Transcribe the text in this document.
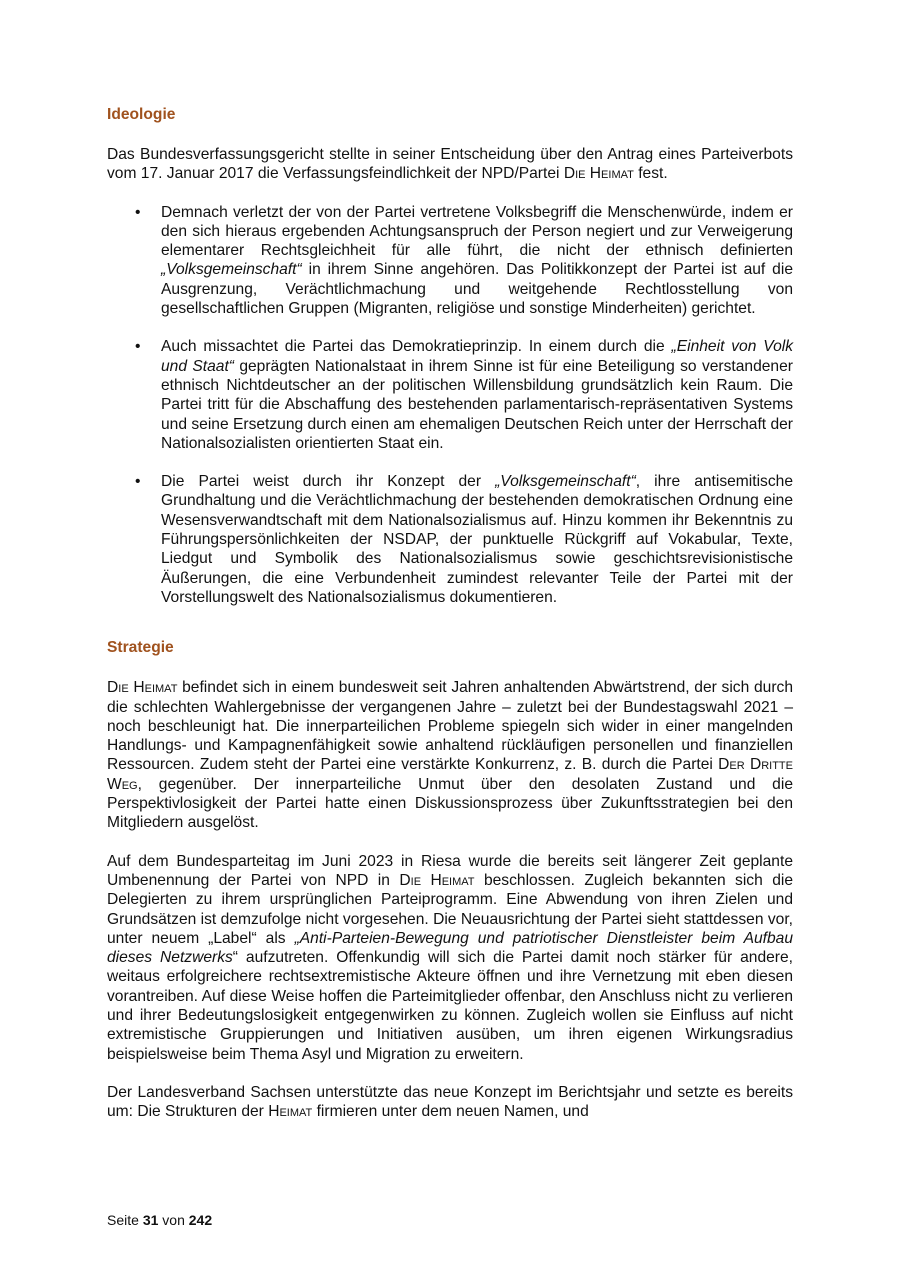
Ideologie

Das Bundesverfassungsgericht stellte in seiner Entscheidung über den Antrag eines Parteiverbots vom 17. Januar 2017 die Verfassungsfeindlichkeit der NPD/Partei Die Heimat fest.

• Demnach verletzt der von der Partei vertretene Volksbegriff die Menschenwürde, indem er den sich hieraus ergebenden Achtungsanspruch der Person negiert und zur Verweigerung elementarer Rechtsgleichheit für alle führt, die nicht der ethnisch definierten „Volksgemeinschaft“ in ihrem Sinne angehören. Das Politikkonzept der Partei ist auf die Ausgrenzung, Verächtlichmachung und weitgehende Rechtlosstellung von gesellschaftlichen Gruppen (Migranten, religiöse und sonstige Minderheiten) gerichtet.
• Auch missachtet die Partei das Demokratieprinzip. In einem durch die „Einheit von Volk und Staat“ geprägten Nationalstaat in ihrem Sinne ist für eine Beteiligung so verstandener ethnisch Nichtdeutscher an der politischen Willensbildung grundsätzlich kein Raum. Die Partei tritt für die Abschaffung des bestehenden parlamentarisch-repräsentativen Systems und seine Ersetzung durch einen am ehemaligen Deutschen Reich unter der Herrschaft der Nationalsozialisten orientierten Staat ein.
• Die Partei weist durch ihr Konzept der „Volksgemeinschaft“, ihre antisemitische Grundhaltung und die Verächtlichmachung der bestehenden demokratischen Ordnung eine Wesensverwandtschaft mit dem Nationalsozialismus auf. Hinzu kommen ihr Bekenntnis zu Führungspersönlichkeiten der NSDAP, der punktuelle Rückgriff auf Vokabular, Texte, Liedgut und Symbolik des Nationalsozialismus sowie geschichtsrevisionistische Äußerungen, die eine Verbundenheit zumindest relevanter Teile der Partei mit der Vorstellungswelt des Nationalsozialismus dokumentieren.
Strategie

Die Heimat befindet sich in einem bundesweit seit Jahren anhaltenden Abwärtstrend, der sich durch die schlechten Wahlergebnisse der vergangenen Jahre – zuletzt bei der Bundestagswahl 2021 – noch beschleunigt hat. Die innerparteilichen Probleme spiegeln sich wider in einer mangelnden Handlungs- und Kampagnenfähigkeit sowie anhaltend rückläufigen personellen und finanziellen Ressourcen. Zudem steht der Partei eine verstärkte Konkurrenz, z. B. durch die Partei Der Dritte Weg, gegenüber. Der innerparteiliche Unmut über den desolaten Zustand und die Perspektivlosigkeit der Partei hatte einen Diskussionsprozess über Zukunftsstrategien bei den Mitgliedern ausgelöst.

Auf dem Bundesparteitag im Juni 2023 in Riesa wurde die bereits seit längerer Zeit geplante Umbenennung der Partei von NPD in Die Heimat beschlossen. Zugleich bekannten sich die Delegierten zu ihrem ursprünglichen Parteiprogramm. Eine Abwendung von ihren Zielen und Grundsätzen ist demzufolge nicht vorgesehen. Die Neuausrichtung der Partei sieht stattdessen vor, unter neuem „Label“ als „Anti-Parteien-Bewegung und patriotischer Dienstleister beim Aufbau dieses Netzwerks“ aufzutreten. Offenkundig will sich die Partei damit noch stärker für andere, weitaus erfolgreichere rechtsextremistische Akteure öffnen und ihre Vernetzung mit eben diesen vorantreiben. Auf diese Weise hoffen die Parteimitglieder offenbar, den Anschluss nicht zu verlieren und ihrer Bedeutungslosigkeit entgegenwirken zu können. Zugleich wollen sie Einfluss auf nicht extremistische Gruppierungen und Initiativen ausüben, um ihren eigenen Wirkungsradius beispielsweise beim Thema Asyl und Migration zu erweitern.

Der Landesverband Sachsen unterstützte das neue Konzept im Berichtsjahr und setzte es bereits um: Die Strukturen der Heimat firmieren unter dem neuen Namen, und

Seite 31 von 242
